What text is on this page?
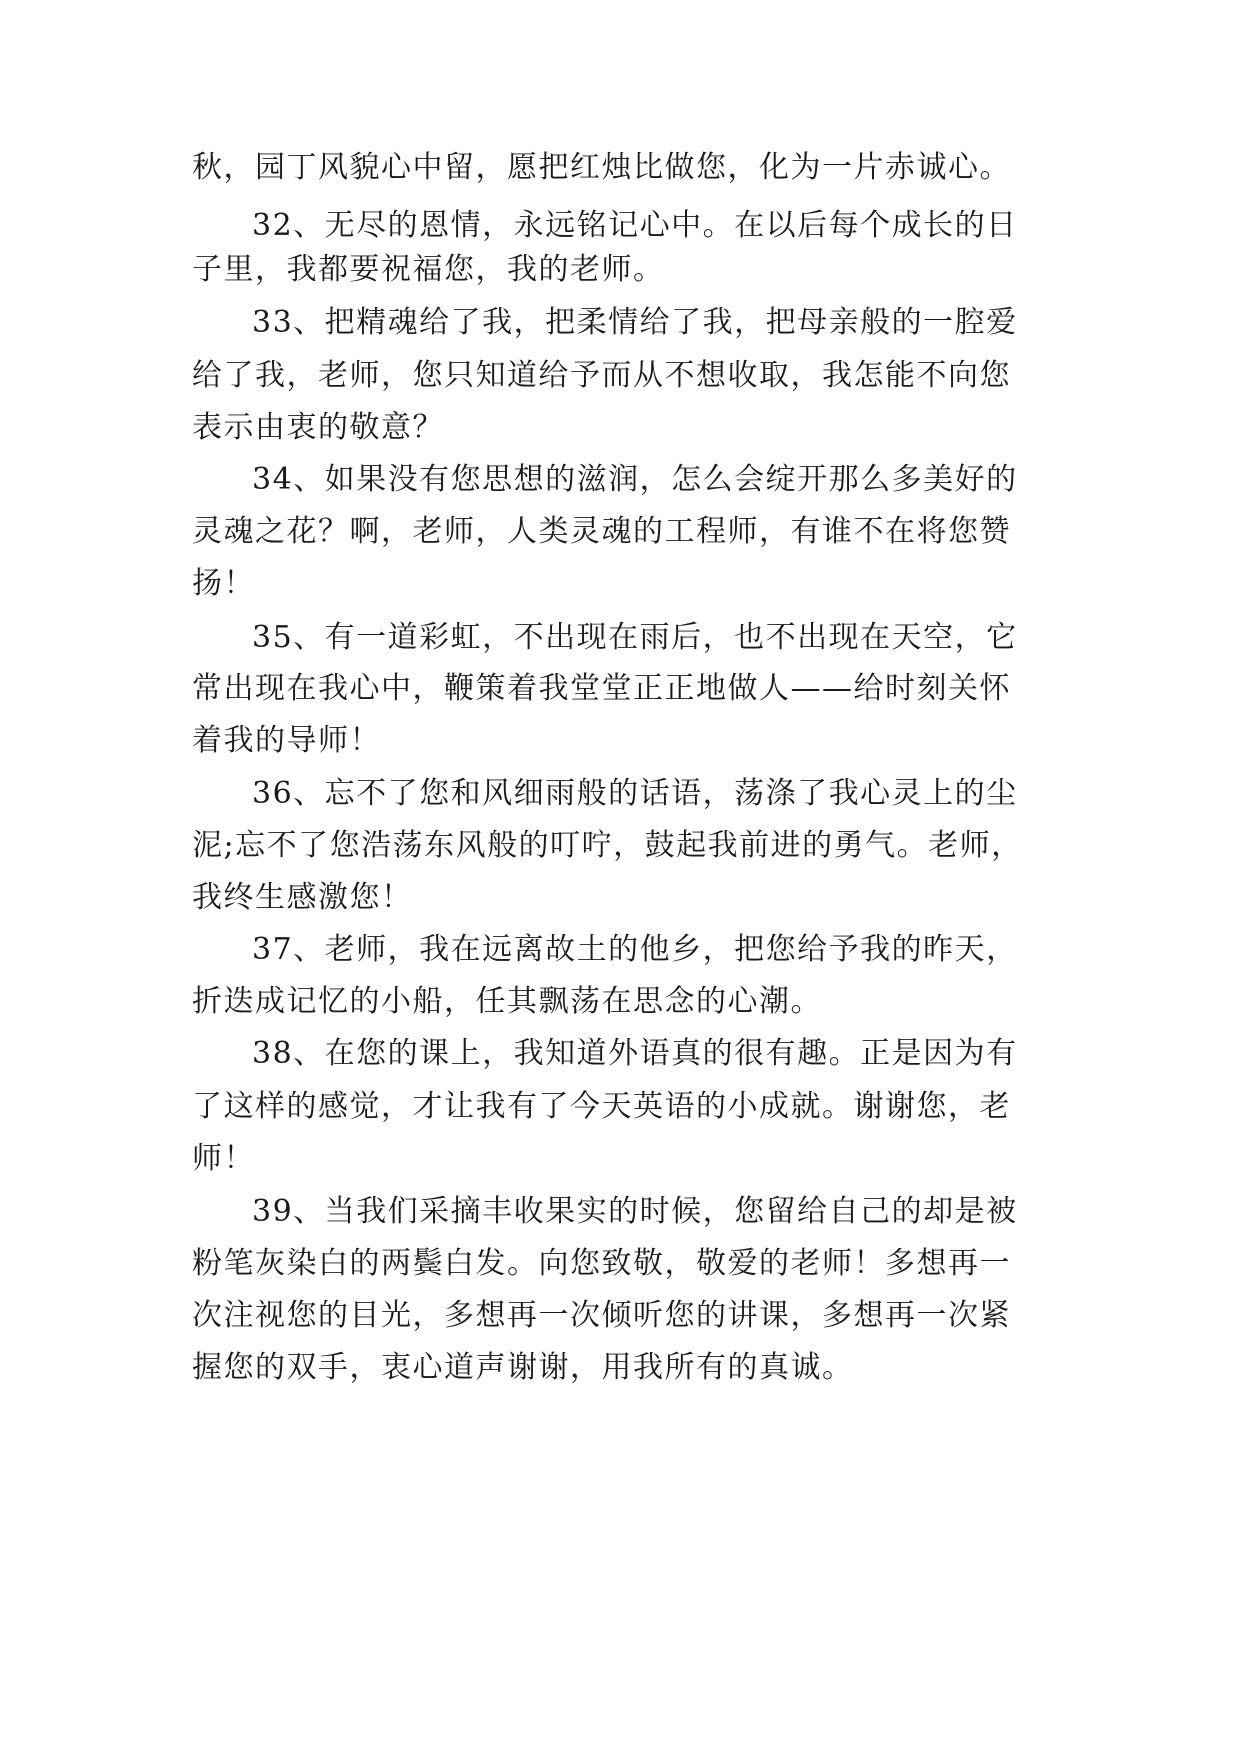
秋，园丁风貌心中留，愿把红烛比做您，化为一片赤诚心。
32、无尽的恩情，永远铭记心中。在以后每个成长的日
子里，我都要祝福您，我的老师。
33、把精魂给了我，把柔情给了我，把母亲般的一腔爱
给了我，老师，您只知道给予而从不想收取，我怎能不向您
表示由衷的敬意？
34、如果没有您思想的滋润，怎么会绽开那么多美好的
灵魂之花？啊，老师，人类灵魂的工程师，有谁不在将您赞
扬！
35、有一道彩虹，不出现在雨后，也不出现在天空，它
常出现在我心中，鞭策着我堂堂正正地做人——给时刻关怀
着我的导师！
36、忘不了您和风细雨般的话语，荡涤了我心灵上的尘
泥;忘不了您浩荡东风般的叮咛，鼓起我前进的勇气。老师，
我终生感激您！
37、老师，我在远离故土的他乡，把您给予我的昨天，
折迭成记忆的小船，任其飘荡在思念的心潮。
38、在您的课上，我知道外语真的很有趣。正是因为有
了这样的感觉，才让我有了今天英语的小成就。谢谢您，老
师！
39、当我们采摘丰收果实的时候，您留给自己的却是被
粉笔灰染白的两鬓白发。向您致敬，敬爱的老师！多想再一
次注视您的目光，多想再一次倾听您的讲课，多想再一次紧
握您的双手，衷心道声谢谢，用我所有的真诚。
